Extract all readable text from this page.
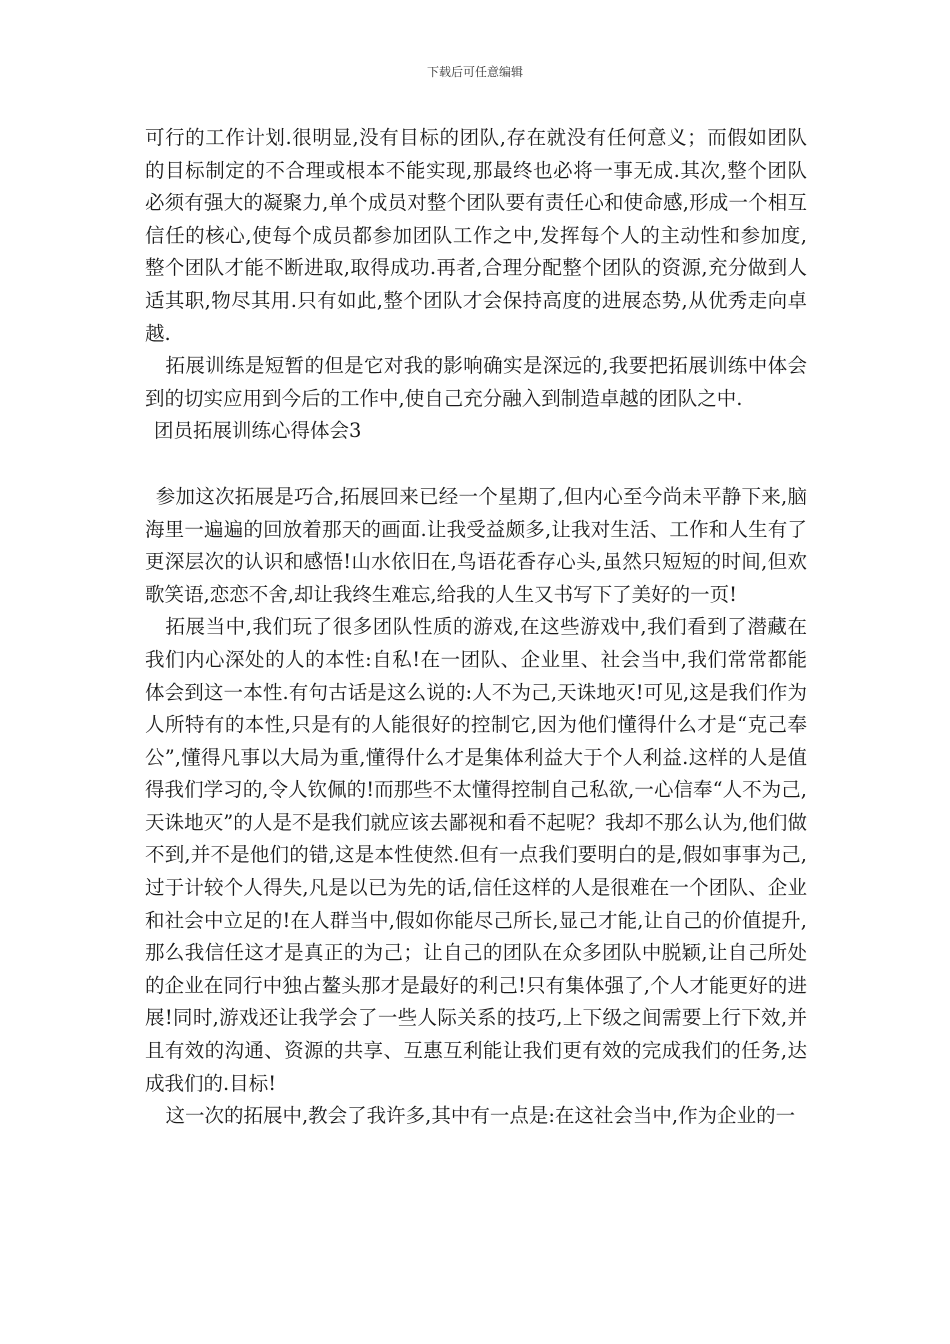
下载后可任意编辑

可行的工作计划.很明显,没有目标的团队,存在就没有任何意义；而假如团队的目标制定的不合理或根本不能实现,那最终也必将一事无成.其次,整个团队必须有强大的凝聚力,单个成员对整个团队要有责任心和使命感,形成一个相互信任的核心,使每个成员都参加团队工作之中,发挥每个人的主动性和参加度,整个团队才能不断进取,取得成功.再者,合理分配整个团队的资源,充分做到人适其职,物尽其用.只有如此,整个团队才会保持高度的进展态势,从优秀走向卓越.

拓展训练是短暂的但是它对我的影响确实是深远的,我要把拓展训练中体会到的切实应用到今后的工作中,使自己充分融入到制造卓越的团队之中.

团员拓展训练心得体会3

参加这次拓展是巧合,拓展回来已经一个星期了,但内心至今尚未平静下来,脑海里一遍遍的回放着那天的画面.让我受益颇多,让我对生活、工作和人生有了更深层次的认识和感悟!山水依旧在,鸟语花香存心头,虽然只短短的时间,但欢歌笑语,恋恋不舍,却让我终生难忘,给我的人生又书写下了美好的一页!

拓展当中,我们玩了很多团队性质的游戏,在这些游戏中,我们看到了潜藏在我们内心深处的人的本性:自私!在一团队、企业里、社会当中,我们常常都能体会到这一本性.有句古话是这么说的:人不为己,天诛地灭!可见,这是我们作为人所特有的本性,只是有的人能很好的控制它,因为他们懂得什么才是“克己奉公”,懂得凡事以大局为重,懂得什么才是集体利益大于个人利益.这样的人是值得我们学习的,令人钦佩的!而那些不太懂得控制自己私欲,一心信奉“人不为己,天诛地灭”的人是不是我们就应该去鄙视和看不起呢？我却不那么认为,他们做不到,并不是他们的错,这是本性使然.但有一点我们要明白的是,假如事事为己,过于计较个人得失,凡是以已为先的话,信任这样的人是很难在一个团队、企业和社会中立足的!在人群当中,假如你能尽己所长,显己才能,让自己的价值提升,那么我信任这才是真正的为己；让自己的团队在众多团队中脱颖,让自己所处的企业在同行中独占鳌头那才是最好的利己!只有集体强了,个人才能更好的进展!同时,游戏还让我学会了一些人际关系的技巧,上下级之间需要上行下效,并且有效的沟通、资源的共享、互惠互利能让我们更有效的完成我们的任务,达成我们的.目标!

这一次的拓展中,教会了我许多,其中有一点是:在这社会当中,作为企业的一
